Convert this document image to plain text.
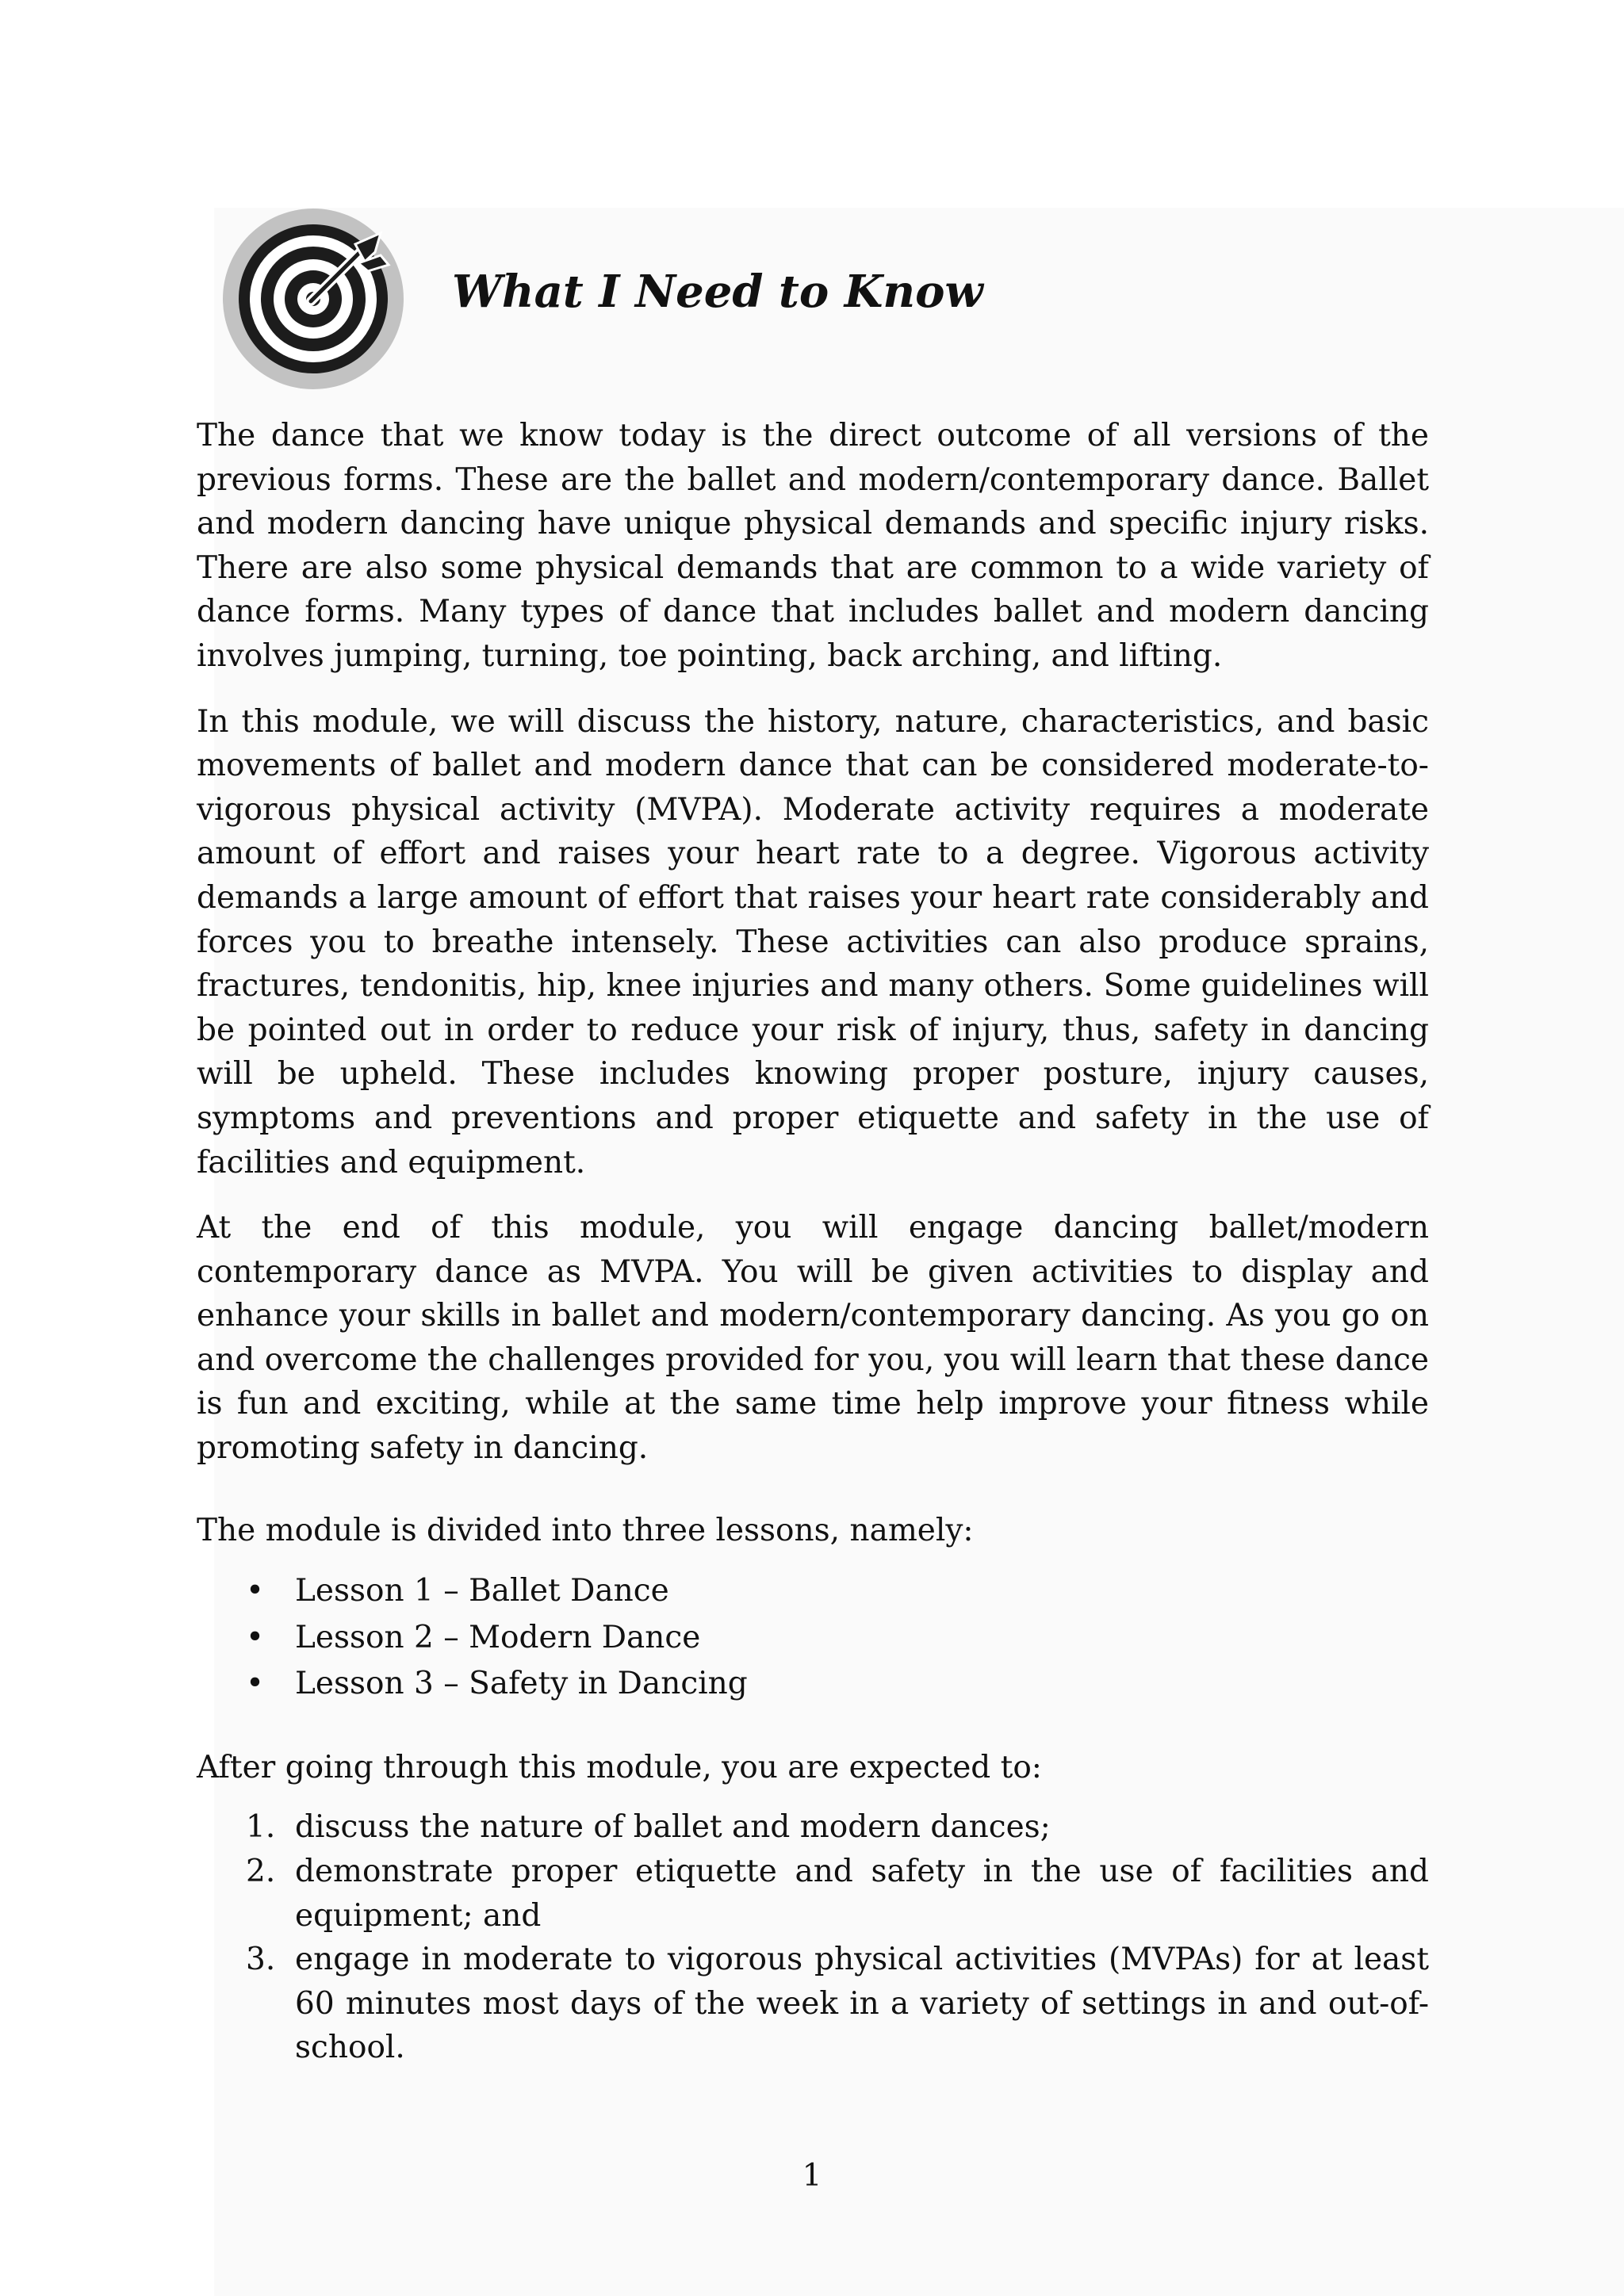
What I Need to Know

The dance that we know today is the direct outcome of all versions of the previous forms. These are the ballet and modern/contemporary dance. Ballet and modern dancing have unique physical demands and specific injury risks. There are also some physical demands that are common to a wide variety of dance forms. Many types of dance that includes ballet and modern dancing involves jumping, turning, toe pointing, back arching, and lifting.

In this module, we will discuss the history, nature, characteristics, and basic movements of ballet and modern dance that can be considered moderate-to-vigorous physical activity (MVPA). Moderate activity requires a moderate amount of effort and raises your heart rate to a degree. Vigorous activity demands a large amount of effort that raises your heart rate considerably and forces you to breathe intensely. These activities can also produce sprains, fractures, tendonitis, hip, knee injuries and many others. Some guidelines will be pointed out in order to reduce your risk of injury, thus, safety in dancing will be upheld. These includes knowing proper posture, injury causes, symptoms and preventions and proper etiquette and safety in the use of facilities and equipment.

At the end of this module, you will engage dancing ballet/modern contemporary dance as MVPA. You will be given activities to display and enhance your skills in ballet and modern/contemporary dancing. As you go on and overcome the challenges provided for you, you will learn that these dance is fun and exciting, while at the same time help improve your fitness while promoting safety in dancing.

The module is divided into three lessons, namely:

• Lesson 1 – Ballet Dance
• Lesson 2 – Modern Dance
• Lesson 3 – Safety in Dancing

After going through this module, you are expected to:

1. discuss the nature of ballet and modern dances;
2. demonstrate proper etiquette and safety in the use of facilities and equipment; and
3. engage in moderate to vigorous physical activities (MVPAs) for at least 60 minutes most days of the week in a variety of settings in and out-of-school.
1
